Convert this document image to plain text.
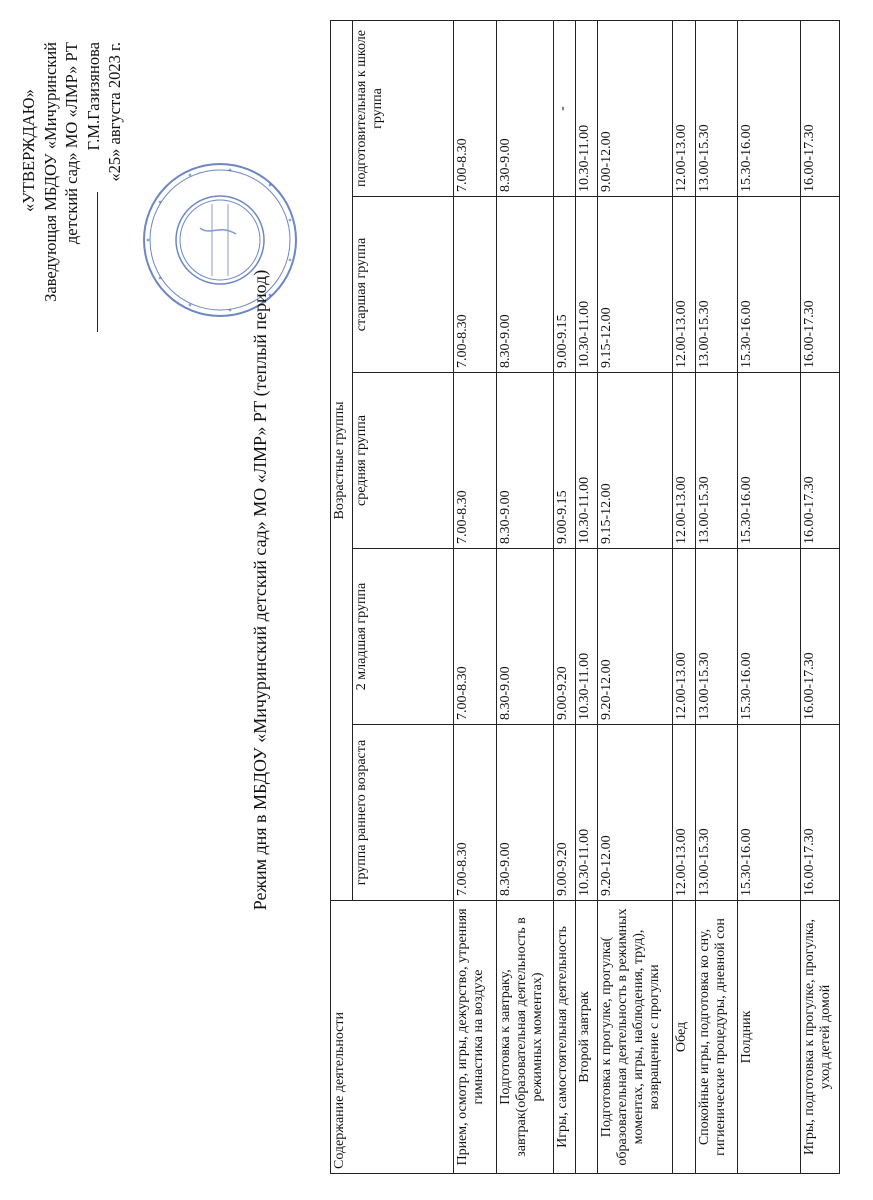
«УТВЕРЖДАЮ» Заведующая МБДОУ «Мичуринский детский сад» МО «ЛМР» РТ Г.М.Газизянова «25» августа 2023 г.
Режим дня в МБДОУ «Мичуринский детский сад» МО «ЛМР» РТ (теплый период)
Содержание деятельности	Возрастные группы				
	группа раннего возраста	2 младшая группа	средняя группа	старшая группа	подготовительная к школе группа
Прием, осмотр, игры, дежурство, утренняя гимнастика на воздухе	7.00-8.30	7.00-8.30	7.00-8.30	7.00-8.30	7.00-8.30
Подготовка к завтраку, завтрак(образовательная деятельность в режимных моментах)	8.30-9.00	8.30-9.00	8.30-9.00	8.30-9.00	8.30-9.00
Игры, самостоятельная деятельность	9.00-9.20	9.00-9.20	9.00-9.15	9.00-9.15	-
Второй завтрак	10.30-11.00	10.30-11.00	10.30-11.00	10.30-11.00	10.30-11.00
Подготовка к прогулке, прогулка( образовательная деятельность в режимных моментах, игры, наблюдения, труд), возвращение с прогулки	9.20-12.00	9.20-12.00	9.15-12.00	9.15-12.00	9.00-12.00
Обед	12.00-13.00	12.00-13.00	12.00-13.00	12.00-13.00	12.00-13.00
Спокойные игры, подготовка ко сну, гигиенические процедуры, дневной сон	13.00-15.30	13.00-15.30	13.00-15.30	13.00-15.30	13.00-15.30
Полдник	15.30-16.00	15.30-16.00	15.30-16.00	15.30-16.00	15.30-16.00
Игры, подготовка к прогулке, прогулка, уход детей домой	16.00-17.30	16.00-17.30	16.00-17.30	16.00-17.30	16.00-17.30
